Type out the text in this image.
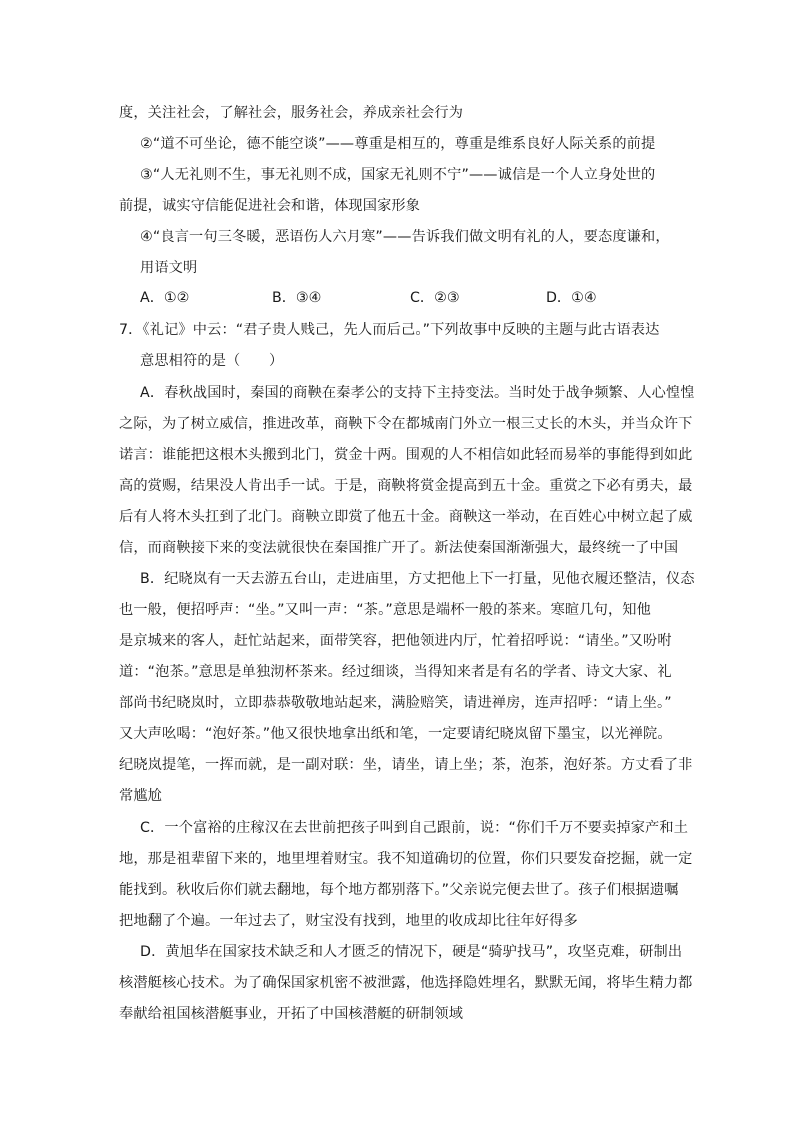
度，关注社会，了解社会，服务社会，养成亲社会行为
②“道不可坐论，德不能空谈”——尊重是相互的，尊重是维系良好人际关系的前提
③“人无礼则不生，事无礼则不成，国家无礼则不宁”——诚信是一个人立身处世的
前提，诚实守信能促进社会和谐，体现国家形象
④“良言一句三冬暖，恶语伤人六月寒”——告诉我们做文明有礼的人，要态度谦和，
用语文明
A．①②	B．③④	C．②③	D．①④
7．《礼记》中云：“君子贵人贱己，先人而后己。”下列故事中反映的主题与此古语表达
意思相符的是（　　）
A．春秋战国时，秦国的商鞅在秦孝公的支持下主持变法。当时处于战争频繁、人心惶惶
之际，为了树立威信，推进改革，商鞅下令在都城南门外立一根三丈长的木头，并当众许下
诺言：谁能把这根木头搬到北门，赏金十两。围观的人不相信如此轻而易举的事能得到如此
高的赏赐，结果没人肯出手一试。于是，商鞅将赏金提高到五十金。重赏之下必有勇夫，最
后有人将木头扛到了北门。商鞅立即赏了他五十金。商鞅这一举动，在百姓心中树立起了威
信，而商鞅接下来的变法就很快在秦国推广开了。新法使秦国渐渐强大，最终统一了中国
B．纪晓岚有一天去游五台山，走进庙里，方丈把他上下一打量，见他衣履还整洁，仪态
也一般，便招呼声：“坐。”又叫一声：“茶。”意思是端杯一般的茶来。寒暄几句，知他
是京城来的客人，赶忙站起来，面带笑容，把他领进内厅，忙着招呼说：“请坐。”又吩咐
道：“泡茶。”意思是单独沏杯茶来。经过细谈，当得知来者是有名的学者、诗文大家、礼
部尚书纪晓岚时，立即恭恭敬敬地站起来，满脸赔笑，请进禅房，连声招呼：“请上坐。”
又大声吆喝：“泡好茶。”他又很快地拿出纸和笔，一定要请纪晓岚留下墨宝，以光禅院。
纪晓岚提笔，一挥而就，是一副对联：坐，请坐，请上坐；茶，泡茶，泡好茶。方丈看了非
常尴尬
C．一个富裕的庄稼汉在去世前把孩子叫到自己跟前，说：“你们千万不要卖掉家产和土
地，那是祖辈留下来的，地里埋着财宝。我不知道确切的位置，你们只要发奋挖掘，就一定
能找到。秋收后你们就去翻地，每个地方都别落下。”父亲说完便去世了。孩子们根据遗嘱
把地翻了个遍。一年过去了，财宝没有找到，地里的收成却比往年好得多
D．黄旭华在国家技术缺乏和人才匮乏的情况下，硬是“骑驴找马”，攻坚克难，研制出
核潜艇核心技术。为了确保国家机密不被泄露，他选择隐姓埋名，默默无闻，将毕生精力都
奉献给祖国核潜艇事业，开拓了中国核潜艇的研制领域
